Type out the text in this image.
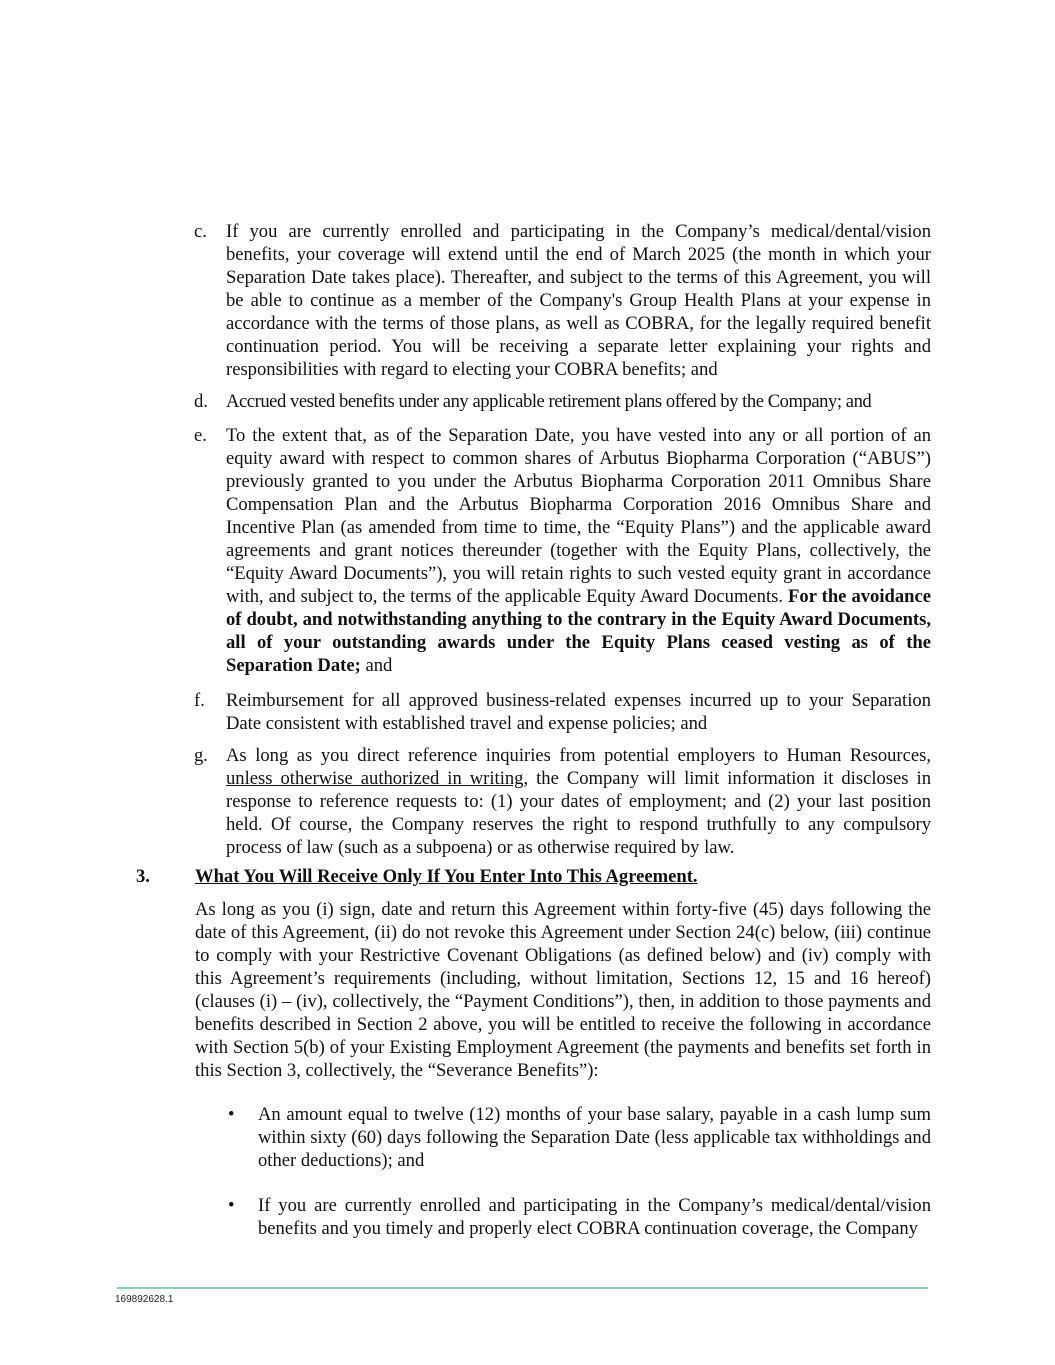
c.	If you are currently enrolled and participating in the Company’s medical/dental/vision benefits, your coverage will extend until the end of March 2025 (the month in which your Separation Date takes place). Thereafter, and subject to the terms of this Agreement, you will be able to continue as a member of the Company's Group Health Plans at your expense in accordance with the terms of those plans, as well as COBRA, for the legally required benefit continuation period. You will be receiving a separate letter explaining your rights and responsibilities with regard to electing your COBRA benefits; and
d. Accrued vested benefits under any applicable retirement plans offered by the Company; and
e.	To the extent that, as of the Separation Date, you have vested into any or all portion of an equity award with respect to common shares of Arbutus Biopharma Corporation (“ABUS”) previously granted to you under the Arbutus Biopharma Corporation 2011 Omnibus Share Compensation Plan and the Arbutus Biopharma Corporation 2016 Omnibus Share and Incentive Plan (as amended from time to time, the “Equity Plans”) and the applicable award agreements and grant notices thereunder (together with the Equity Plans, collectively, the “Equity Award Documents”), you will retain rights to such vested equity grant in accordance with, and subject to, the terms of the applicable Equity Award Documents. For the avoidance of doubt, and notwithstanding anything to the contrary in the Equity Award Documents, all of your outstanding awards under the Equity Plans ceased vesting as of the Separation Date; and
f.	Reimbursement for all approved business-related expenses incurred up to your Separation Date consistent with established travel and expense policies; and
g. As long as you direct reference inquiries from potential employers to Human Resources, unless otherwise authorized in writing, the Company will limit information it discloses in response to reference requests to: (1) your dates of employment; and (2) your last position held. Of course, the Company reserves the right to respond truthfully to any compulsory process of law (such as a subpoena) or as otherwise required by law.
3. What You Will Receive Only If You Enter Into This Agreement.
As long as you (i) sign, date and return this Agreement within forty-five (45) days following the date of this Agreement, (ii) do not revoke this Agreement under Section 24(c) below, (iii) continue to comply with your Restrictive Covenant Obligations (as defined below) and (iv) comply with this Agreement’s requirements (including, without limitation, Sections 12, 15 and 16 hereof) (clauses (i) – (iv), collectively, the “Payment Conditions”), then, in addition to those payments and benefits described in Section 2 above, you will be entitled to receive the following in accordance with Section 5(b) of your Existing Employment Agreement (the payments and benefits set forth in this Section 3, collectively, the “Severance Benefits”):
• An amount equal to twelve (12) months of your base salary, payable in a cash lump sum within sixty (60) days following the Separation Date (less applicable tax withholdings and other deductions); and
• If you are currently enrolled and participating in the Company’s medical/dental/vision benefits and you timely and properly elect COBRA continuation coverage, the Company
169892628.1
